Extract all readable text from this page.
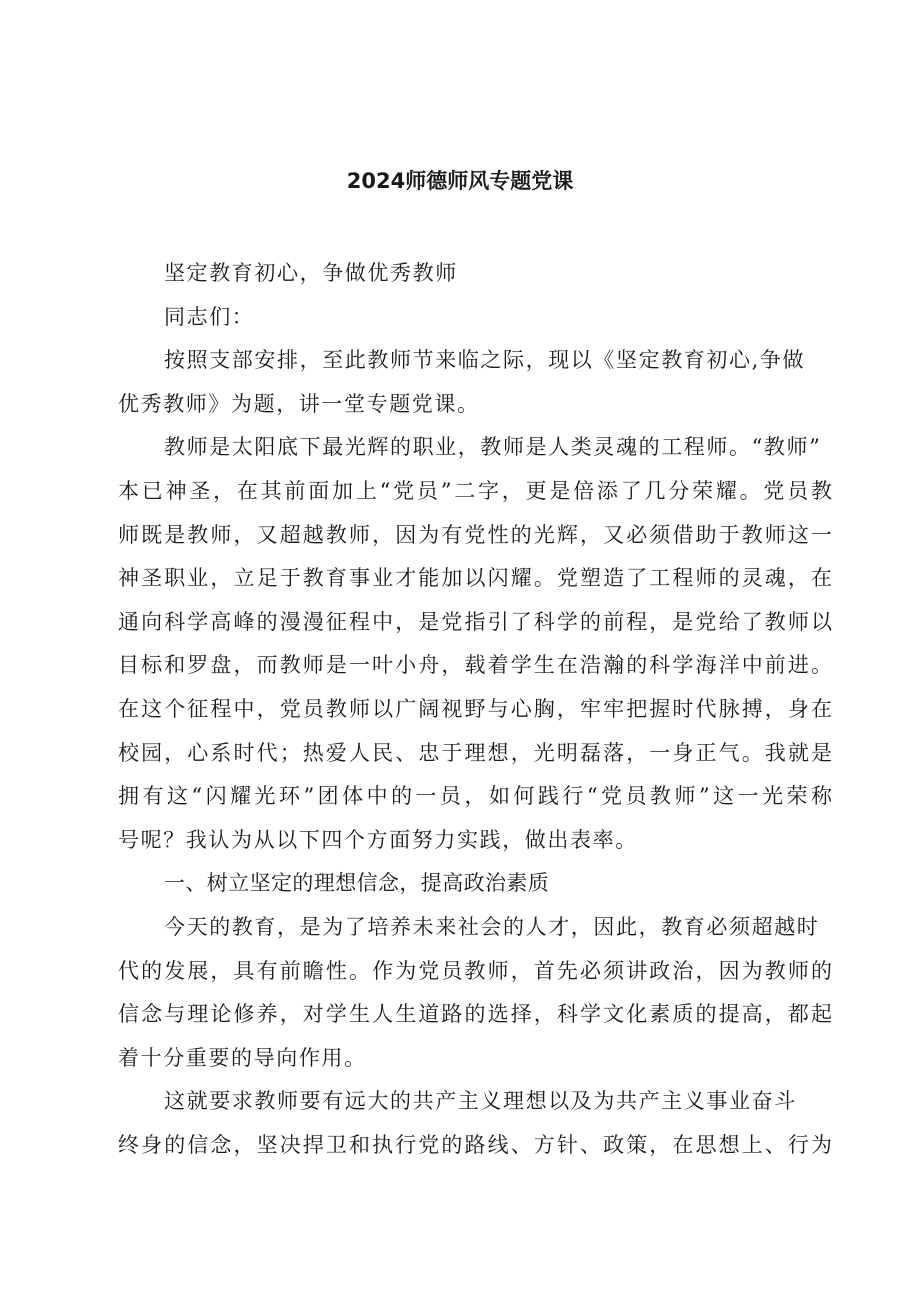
2024师德师风专题党课
坚定教育初心，争做优秀教师
同志们：
按照支部安排，至此教师节来临之际，现以《坚定教育初心,争做
优秀教师》为题，讲一堂专题党课。
教师是太阳底下最光辉的职业，教师是人类灵魂的工程师。“教师”
本已神圣，在其前面加上“党员”二字，更是倍添了几分荣耀。党员教
师既是教师，又超越教师，因为有党性的光辉，又必须借助于教师这一
神圣职业，立足于教育事业才能加以闪耀。党塑造了工程师的灵魂，在
通向科学高峰的漫漫征程中，是党指引了科学的前程，是党给了教师以
目标和罗盘，而教师是一叶小舟，载着学生在浩瀚的科学海洋中前进。
在这个征程中，党员教师以广阔视野与心胸，牢牢把握时代脉搏，身在
校园，心系时代；热爱人民、忠于理想，光明磊落，一身正气。我就是
拥有这“闪耀光环”团体中的一员，如何践行“党员教师”这一光荣称
号呢？我认为从以下四个方面努力实践，做出表率。
一、树立坚定的理想信念，提高政治素质
今天的教育，是为了培养未来社会的人才，因此，教育必须超越时
代的发展，具有前瞻性。作为党员教师，首先必须讲政治，因为教师的
信念与理论修养，对学生人生道路的选择，科学文化素质的提高，都起
着十分重要的导向作用。
这就要求教师要有远大的共产主义理想以及为共产主义事业奋斗
终身的信念，坚决捍卫和执行党的路线、方针、政策，在思想上、行为
